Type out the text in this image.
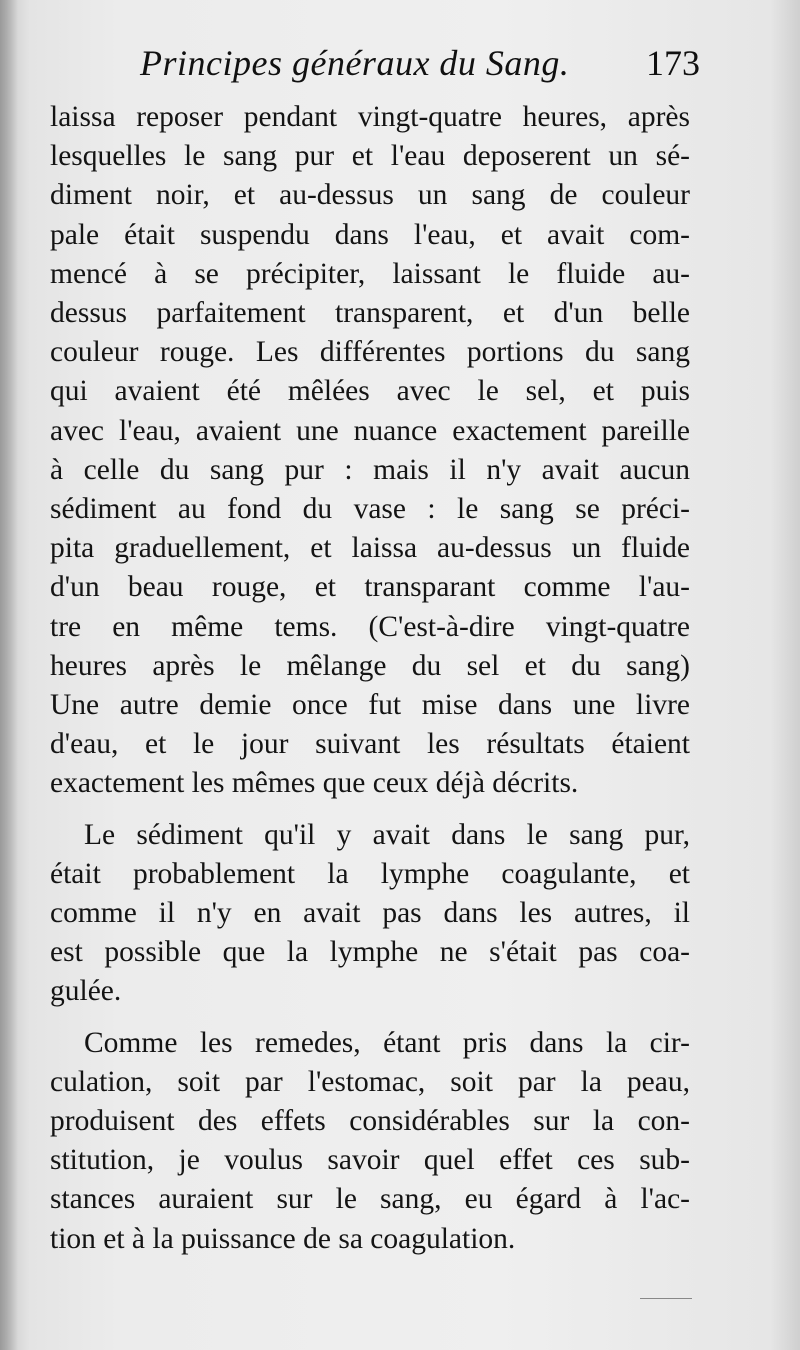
Principes généraux du Sang. 173

laissa reposer pendant vingt-quatre heures, après
lesquelles le sang pur et l'eau deposerent un sé-
diment noir, et au-dessus un sang de couleur
pale était suspendu dans l'eau, et avait com-
mencé à se précipiter, laissant le fluide au-
dessus parfaitement transparent, et d'un belle
couleur rouge. Les différentes portions du sang
qui avaient été mêlées avec le sel, et puis
avec l'eau, avaient une nuance exactement pareille
à celle du sang pur : mais il n'y avait aucun
sédiment au fond du vase : le sang se préci-
pita graduellement, et laissa au-dessus un fluide
d'un beau rouge, et transparant comme l'au-
tre en même tems. (C'est-à-dire vingt-quatre
heures après le mêlange du sel et du sang)
Une autre demie once fut mise dans une livre
d'eau, et le jour suivant les résultats étaient
exactement les mêmes que ceux déjà décrits.

Le sédiment qu'il y avait dans le sang pur,
était probablement la lymphe coagulante, et
comme il n'y en avait pas dans les autres, il
est possible que la lymphe ne s'était pas coa-
gulée.

Comme les remedes, étant pris dans la cir-
culation, soit par l'estomac, soit par la peau,
produisent des effets considérables sur la con-
stitution, je voulus savoir quel effet ces sub-
stances auraient sur le sang, eu égard à l'ac-
tion et à la puissance de sa coagulation.
